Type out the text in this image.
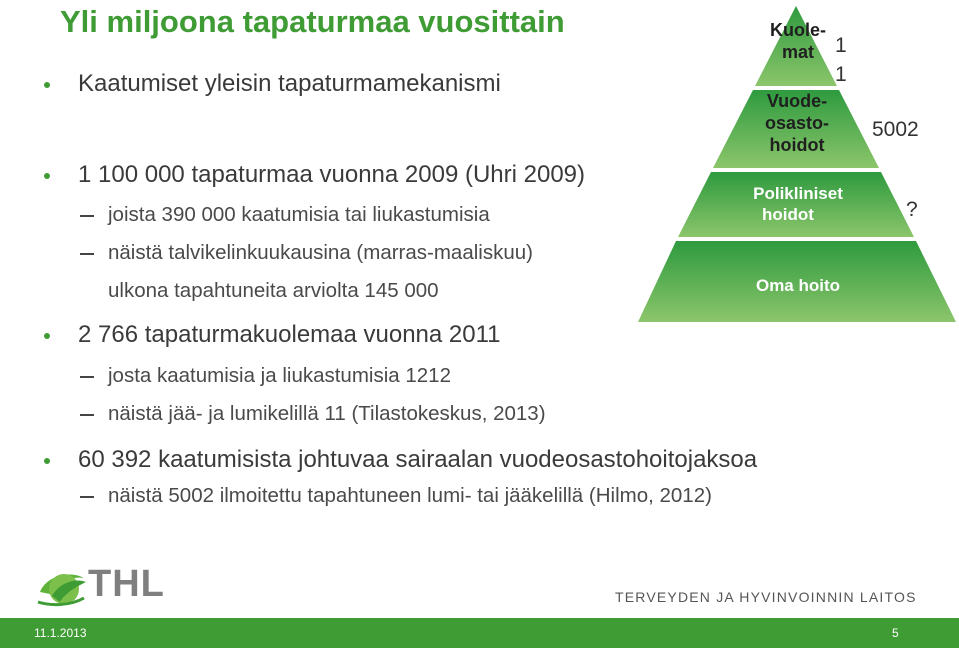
Yli miljoona tapaturmaa vuosittain
Kaatumiset yleisin tapaturmamekanismi
1 100 000 tapaturmaa vuonna 2009 (Uhri 2009)
joista 390 000 kaatumisia tai liukastumisia
näistä talvikelinkuukausina (marras-maaliskuu)
ulkona tapahtuneita arviolta 145 000
2 766 tapaturmakuolemaa vuonna 2011
josta kaatumisia ja liukastumisia 1212
näistä jää- ja lumikelillä 11 (Tilastokeskus, 2013)
60 392 kaatumisista johtuvaa sairaalan vuodeosastohoitojaksoa
näistä 5002 ilmoitettu tapahtuneen lumi- tai jääkelillä (Hilmo, 2012)
Kuole-
mat
Vuode-
osasto-
hoidot
Polikliniset
hoidot
Oma hoito
1
1
5002
?
THL	TERVEYDEN JA HYVINVOINNIN LAITOS
11.1.2013	5
